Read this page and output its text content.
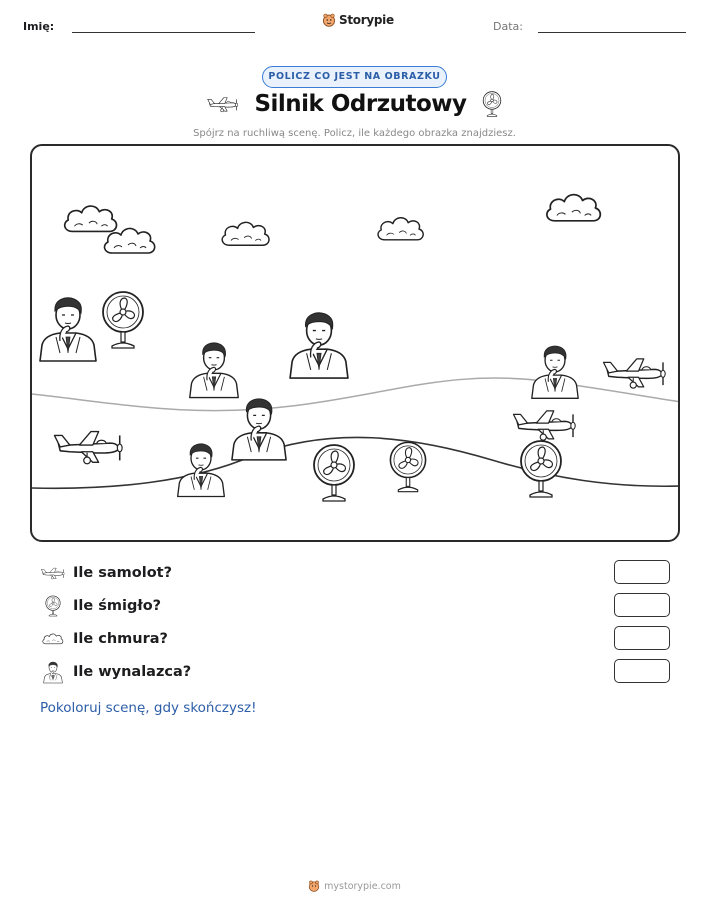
Imię:	Storypie	Data:
POLICZ CO JEST NA OBRAZKU
Silnik Odrzutowy
Spójrz na ruchliwą scenę. Policz, ile każdego obrazka znajdziesz.
Ile samolot?
Ile śmigło?
Ile chmura?
Ile wynalazca?
Pokoloruj scenę, gdy skończysz!
mystorypie.com
